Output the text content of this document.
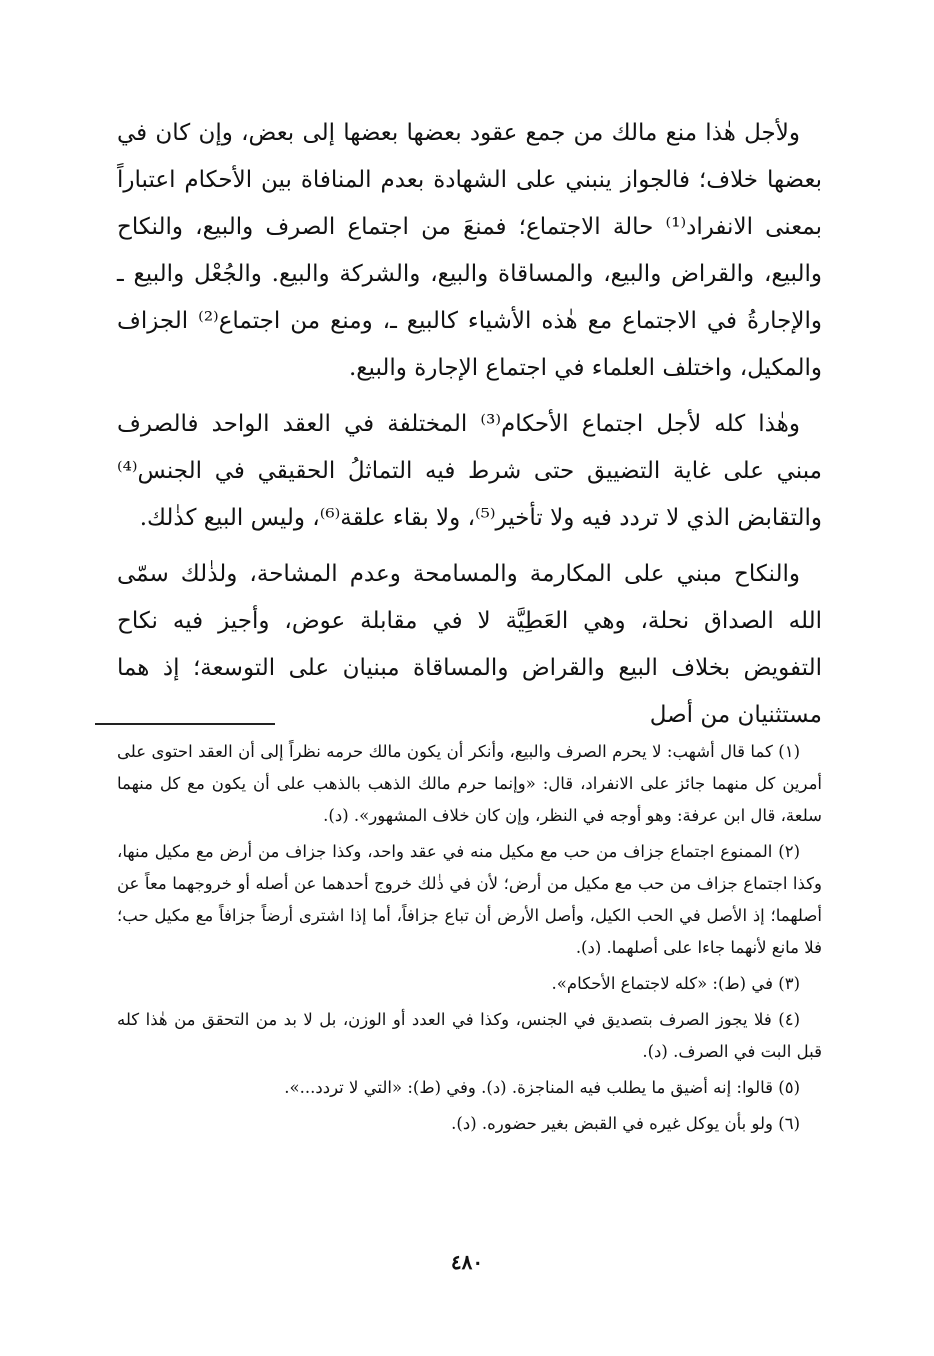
ولأجل هٰذا منع مالك من جمع عقود بعضها بعضها إلى بعض، وإن كان في بعضها خلاف؛ فالجواز ينبني على الشهادة بعدم المنافاة بين الأحكام اعتباراً بمعنى الانفراد⁽¹⁾ حالة الاجتماع؛ فمنعَ من اجتماع الصرف والبيع، والنكاح والبيع، والقراض والبيع، والمساقاة والبيع، والشركة والبيع. والجُعْل والبيع ـ والإجارةُ في الاجتماع مع هٰذه الأشياء كالبيع ـ، ومنع من اجتماع⁽²⁾ الجزاف والمكيل، واختلف العلماء في اجتماع الإجارة والبيع.

وهٰذا كله لأجل اجتماع الأحكام⁽³⁾ المختلفة في العقد الواحد فالصرف مبني على غاية التضييق حتى شرط فيه التماثلُ الحقيقي في الجنس⁽⁴⁾ والتقابض الذي لا تردد فيه ولا تأخير⁽⁵⁾، ولا بقاء علقة⁽⁶⁾، وليس البيع كذٰلك.

والنكاح مبني على المكارمة والمسامحة وعدم المشاحة، ولذٰلك سمّى الله الصداق نحلة، وهي العَطِيَّة لا في مقابلة عوض، وأجيز فيه نكاح التفويض بخلاف البيع والقراض والمساقاة مبنيان على التوسعة؛ إذ هما مستثنيان من أصل

(١) كما قال أشهب: لا يحرم الصرف والبيع، وأنكر أن يكون مالك حرمه نظراً إلى أن العقد احتوى على أمرين كل منهما جائز على الانفراد، قال: «وإنما حرم مالك الذهب بالذهب على أن يكون مع كل منهما سلعة، قال ابن عرفة: وهو أوجه في النظر، وإن كان خلاف المشهور». (د).

(٢) الممنوع اجتماع جزاف من حب مع مكيل منه في عقد واحد، وكذا جزاف من أرض مع مكيل منها، وكذا اجتماع جزاف من حب مع مكيل من أرض؛ لأن في ذٰلك خروج أحدهما عن أصله أو خروجهما معاً عن أصلهما؛ إذ الأصل في الحب الكيل، وأصل الأرض أن تباع جزافاً، أما إذا اشترى أرضاً جزافاً مع مكيل حب؛ فلا مانع لأنهما جاءا على أصلهما. (د).

(٣) في (ط): «كله لاجتماع الأحكام».

(٤) فلا يجوز الصرف بتصديق في الجنس، وكذا في العدد أو الوزن، بل لا بد من التحقق من هٰذا كله قبل البت في الصرف. (د).

(٥) قالوا: إنه أضيق ما يطلب فيه المناجزة. (د). وفي (ط): «التي لا تردد...».

(٦) ولو بأن يوكل غيره في القبض بغير حضوره. (د).

٤٨٠
